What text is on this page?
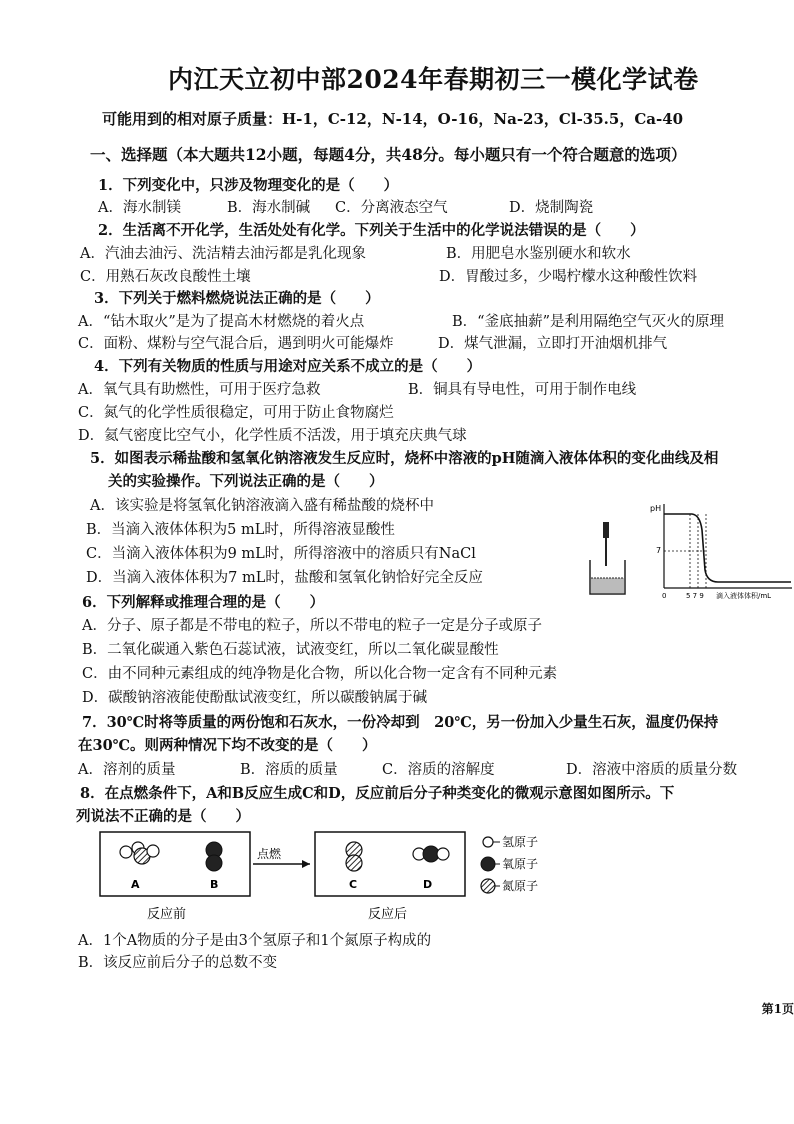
内江天立初中部2024年春期初三一模化学试卷
可能用到的相对原子质量：H-1，C-12，N-14，O-16，Na-23，Cl-35.5，Ca-40
一、选择题（本大题共12小题，每题4分，共48分。每小题只有一个符合题意的选项）
1．下列变化中，只涉及物理变化的是（　　）
A．海水制镁	B．海水制碱 C．分离液态空气	D．烧制陶瓷
2．生活离不开化学，生活处处有化学。下列关于生活中的化学说法错误的是（　　）
A．汽油去油污、洗洁精去油污都是乳化现象	B．用肥皂水鉴别硬水和软水
C．用熟石灰改良酸性土壤	D．胃酸过多，少喝柠檬水这种酸性饮料
3．下列关于燃料燃烧说法正确的是（　　）
A．“钻木取火”是为了提高木材燃烧的着火点	B．“釜底抽薪”是利用隔绝空气灭火的原理
C．面粉、煤粉与空气混合后，遇到明火可能爆炸	D．煤气泄漏，立即打开油烟机排气
4．下列有关物质的性质与用途对应关系不成立的是（　　）
A．氧气具有助燃性，可用于医疗急救	B．铜具有导电性，可用于制作电线
C．氮气的化学性质很稳定，可用于防止食物腐烂
D．氦气密度比空气小，化学性质不活泼，用于填充庆典气球
5．如图表示稀盐酸和氢氧化钠溶液发生反应时，烧杯中溶液的pH随滴入液体体积的变化曲线及相
关的实验操作。下列说法正确的是（　　）
A．该实验是将氢氧化钠溶液滴入盛有稀盐酸的烧杯中
B．当滴入液体体积为5 mL时，所得溶液显酸性
C．当滴入液体体积为9 mL时，所得溶液中的溶质只有NaCl
D．当滴入液体体积为7 mL时，盐酸和氢氧化钠恰好完全反应
pH
7
0	5 7 9 滴入液体体积/mL
6．下列解释或推理合理的是（　　）
A．分子、原子都是不带电的粒子，所以不带电的粒子一定是分子或原子
B．二氧化碳通入紫色石蕊试液，试液变红，所以二氧化碳显酸性
C．由不同种元素组成的纯净物是化合物，所以化合物一定含有不同种元素
D．碳酸钠溶液能使酚酞试液变红，所以碳酸钠属于碱
7．30℃时将等质量的两份饱和石灰水，一份冷却到　20℃，另一份加入少量生石灰，温度仍保持
在30℃。则两种情况下均不改变的是（　　）
A．溶剂的质量	B．溶质的质量	C．溶质的溶解度	D．溶液中溶质的质量分数
8．在点燃条件下，A和B反应生成C和D，反应前后分子种类变化的微观示意图如图所示。下
列说法不正确的是（　　）
A	B
点燃
C	D
反应前	反应后
氢原子
氧原子
氮原子
A．1个A物质的分子是由3个氢原子和1个氮原子构成的
B．该反应前后分子的总数不变
第1页
